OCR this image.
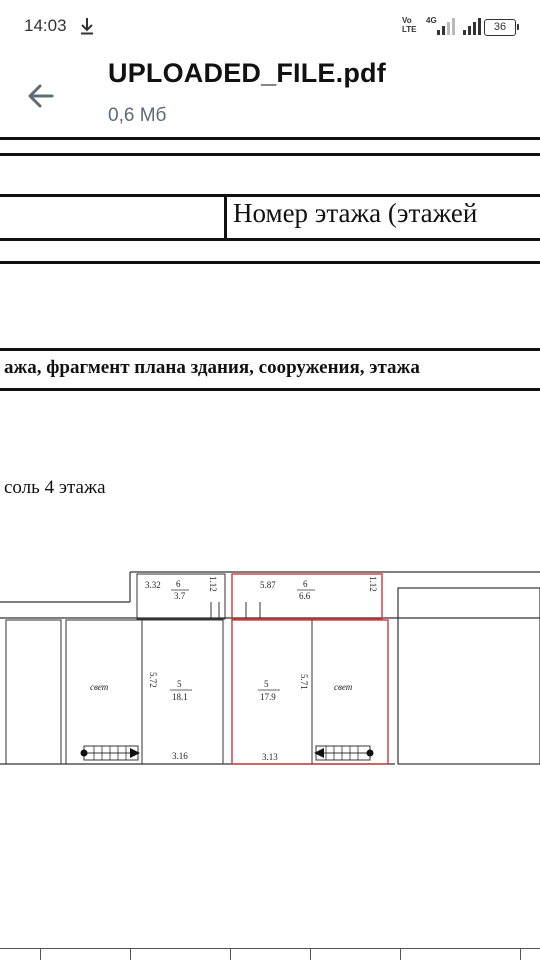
14:03	Vo
LTE
4G
36
UPLOADED_FILE.pdf
0,6 Мб
Номер этажа (этажей
ажа, фрагмент плана здания, сооружения, этажа
соль 4 этажа
3.32 6
3.7
1.12	5.87	6
6.6
1.12
свет	5
18.1
5.72
3.16
5
17.9
5.71
3.13
свет
